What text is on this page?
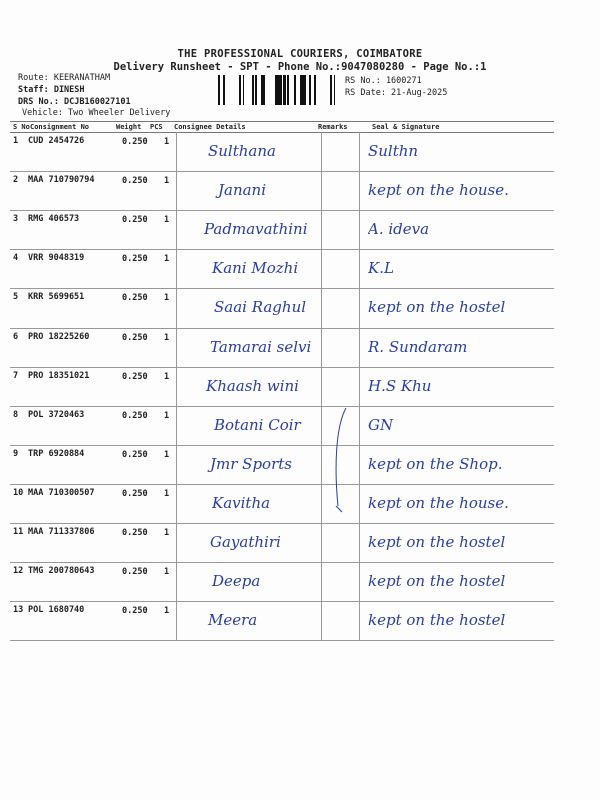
THE PROFESSIONAL COURIERS, COIMBATORE
Delivery Runsheet - SPT - Phone No.:9047080280 - Page No.:1
Route: KEERANATHAM
Staff: DINESH
DRS No.: DCJB160027101
Vehicle: Two Wheeler Delivery
RS No.: 1600271
RS Date: 21-Aug-2025
S No Consignment No	Weight PCS Consignee Details	Remarks	Seal & Signature
1 CUD 2454726	0.250 1	Sulthana	Sulthn
2 MAA 710790794	0.250 1	Janani	kept on the house.
3 RMG 406573	0.250 1 Padmavathini	A. ideva
4 VRR 9048319	0.250 1	Kani Mozhi	K.L
5 KRR 5699651	0.250 1	Saai Raghul	kept on the hostel
6 PRO 18225260	0.250 1	Tamarai selvi	R. Sundaram
7 PRO 18351021	0.250 1 Khaash wini	H.S Khu
8 POL 3720463	0.250 1	Botani Coir	GN
9 TRP 6920884	0.250 1	Jmr Sports	kept on the Shop.
10 MAA 710300507	0.250 1	Kavitha	kept on the house.
11 MAA 711337806	0.250 1	Gayathiri	kept on the hostel
12 TMG 200780643	0.250 1	Deepa	kept on the hostel
13 POL 1680740	0.250 1	Meera	kept on the hostel
